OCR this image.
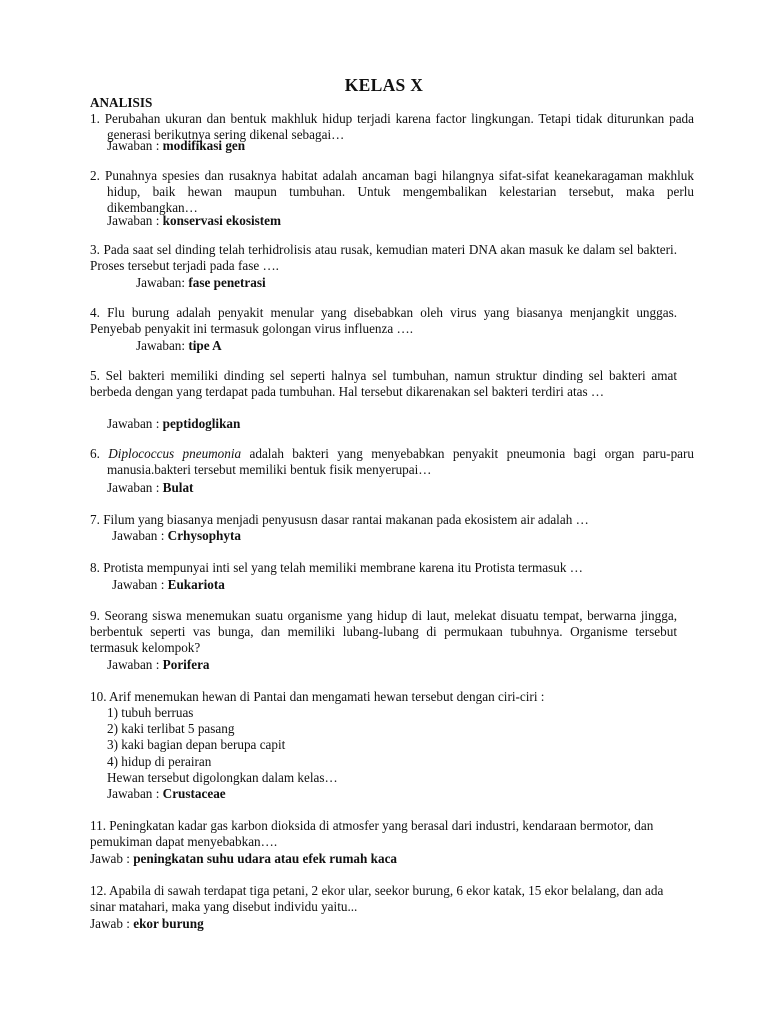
KELAS X
ANALISIS
1. Perubahan ukuran dan bentuk makhluk hidup terjadi karena factor lingkungan. Tetapi tidak diturunkan pada generasi berikutnya sering dikenal sebagai…
Jawaban : modifikasi gen
2. Punahnya spesies dan rusaknya habitat adalah ancaman bagi hilangnya sifat-sifat keanekaragaman makhluk hidup, baik hewan maupun tumbuhan. Untuk mengembalikan kelestarian tersebut, maka perlu dikembangkan…
Jawaban : konservasi ekosistem
3. Pada saat sel dinding telah terhidrolisis atau rusak, kemudian materi DNA akan masuk ke dalam sel bakteri. Proses tersebut terjadi pada fase ….
Jawaban: fase penetrasi
4. Flu burung adalah penyakit menular yang disebabkan oleh virus yang biasanya menjangkit unggas. Penyebab penyakit ini termasuk golongan virus influenza ….
Jawaban: tipe A
5. Sel bakteri memiliki dinding sel seperti halnya sel tumbuhan, namun struktur dinding sel bakteri amat berbeda dengan yang terdapat pada tumbuhan. Hal tersebut dikarenakan sel bakteri terdiri atas …
Jawaban : peptidoglikan
6. Diplococcus pneumonia adalah bakteri yang menyebabkan penyakit pneumonia bagi organ paru-paru manusia.bakteri tersebut memiliki bentuk fisik menyerupai…
Jawaban : Bulat
7. Filum yang biasanya menjadi penyususn dasar rantai makanan pada ekosistem air adalah …
Jawaban : Crhysophyta
8. Protista mempunyai inti sel yang telah memiliki membrane karena itu Protista termasuk …
Jawaban : Eukariota
9. Seorang siswa menemukan suatu organisme yang hidup di laut, melekat disuatu tempat, berwarna jingga, berbentuk seperti vas bunga, dan memiliki lubang-lubang di permukaan tubuhnya. Organisme tersebut termasuk kelompok?
Jawaban : Porifera
10. Arif menemukan hewan di Pantai dan mengamati hewan tersebut dengan ciri-ciri :
1) tubuh berruas
2) kaki terlibat 5 pasang
3) kaki bagian depan berupa capit
4) hidup di perairan
Hewan tersebut digolongkan dalam kelas…
Jawaban : Crustaceae
11. Peningkatan kadar gas karbon dioksida di atmosfer yang berasal dari industri, kendaraan bermotor, dan pemukiman dapat menyebabkan….
Jawab : peningkatan suhu udara atau efek rumah kaca
12. Apabila di sawah terdapat tiga petani, 2 ekor ular, seekor burung, 6 ekor katak, 15 ekor belalang, dan ada sinar matahari, maka yang disebut individu yaitu...
Jawab : ekor burung
